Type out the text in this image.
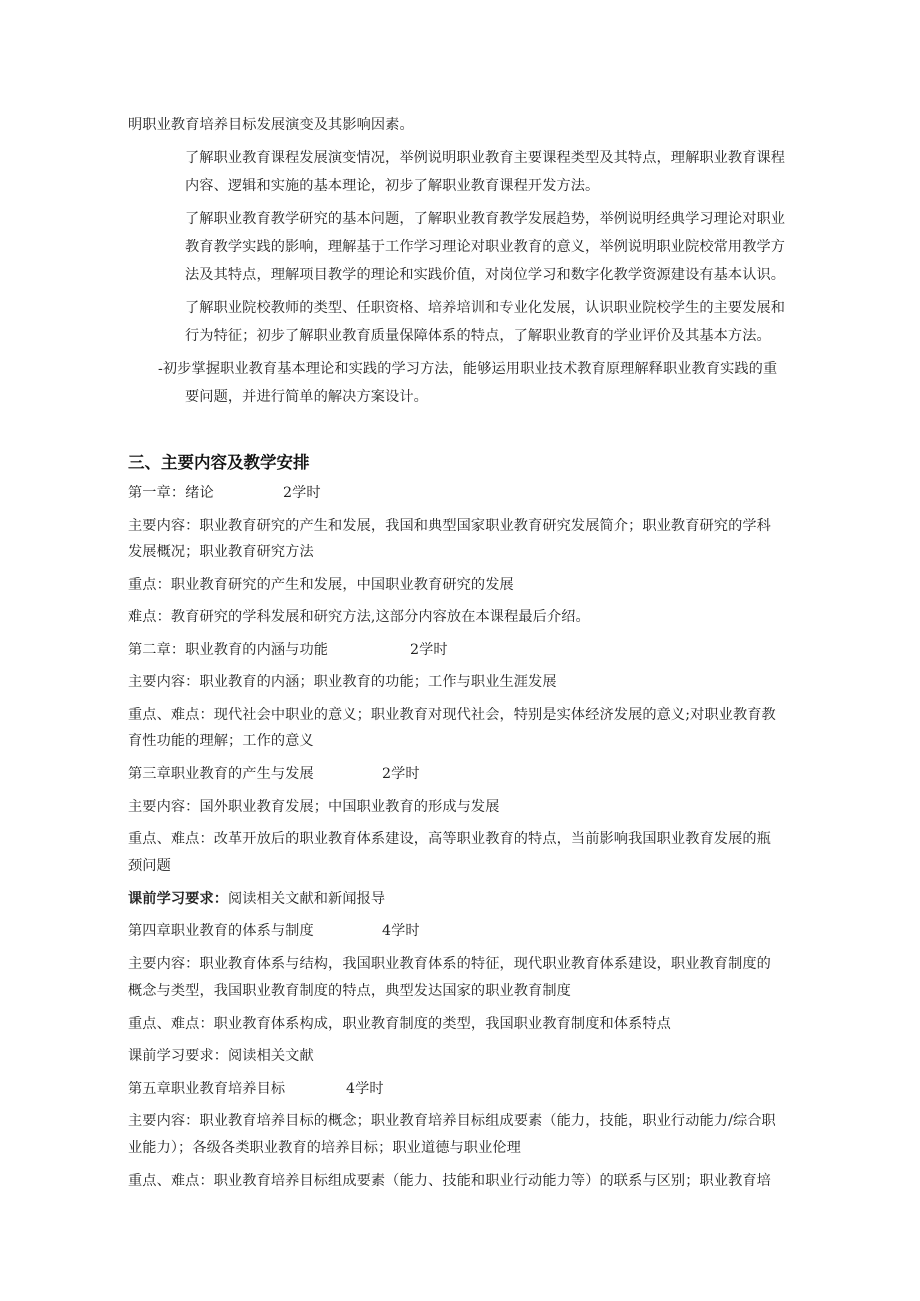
明职业教育培养目标发展演变及其影响因素。

了解职业教育课程发展演变情况，举例说明职业教育主要课程类型及其特点，理解职业教育课程

内容、逻辑和实施的基本理论，初步了解职业教育课程开发方法。

了解职业教育教学研究的基本问题，了解职业教育教学发展趋势，举例说明经典学习理论对职业

教育教学实践的影响，理解基于工作学习理论对职业教育的意义，举例说明职业院校常用教学方

法及其特点，理解项目教学的理论和实践价值，对岗位学习和数字化教学资源建设有基本认识。

了解职业院校教师的类型、任职资格、培养培训和专业化发展，认识职业院校学生的主要发展和

行为特征；初步了解职业教育质量保障体系的特点，了解职业教育的学业评价及其基本方法。

-初步掌握职业教育基本理论和实践的学习方法，能够运用职业技术教育原理解释职业教育实践的重

要问题，并进行简单的解决方案设计。

三、主要内容及教学安排
第一章：绪论	2学时

主要内容：职业教育研究的产生和发展，我国和典型国家职业教育研究发展简介；职业教育研究的学科

发展概况；职业教育研究方法

重点：职业教育研究的产生和发展，中国职业教育研究的发展

难点：教育研究的学科发展和研究方法,这部分内容放在本课程最后介绍。

第二章：职业教育的内涵与功能	2学时

主要内容：职业教育的内涵；职业教育的功能；工作与职业生涯发展

重点、难点：现代社会中职业的意义；职业教育对现代社会，特别是实体经济发展的意义;对职业教育教

育性功能的理解；工作的意义

第三章职业教育的产生与发展	2学时

主要内容：国外职业教育发展；中国职业教育的形成与发展

重点、难点：改革开放后的职业教育体系建设，高等职业教育的特点，当前影响我国职业教育发展的瓶

颈问题

课前学习要求：阅读相关文献和新闻报导

第四章职业教育的体系与制度	4学时

主要内容：职业教育体系与结构，我国职业教育体系的特征，现代职业教育体系建设，职业教育制度的

概念与类型，我国职业教育制度的特点，典型发达国家的职业教育制度

重点、难点：职业教育体系构成，职业教育制度的类型，我国职业教育制度和体系特点

课前学习要求：阅读相关文献

第五章职业教育培养目标	4学时

主要内容：职业教育培养目标的概念；职业教育培养目标组成要素（能力，技能，职业行动能力/综合职

业能力）；各级各类职业教育的培养目标；职业道德与职业伦理

重点、难点：职业教育培养目标组成要素（能力、技能和职业行动能力等）的联系与区别；职业教育培
